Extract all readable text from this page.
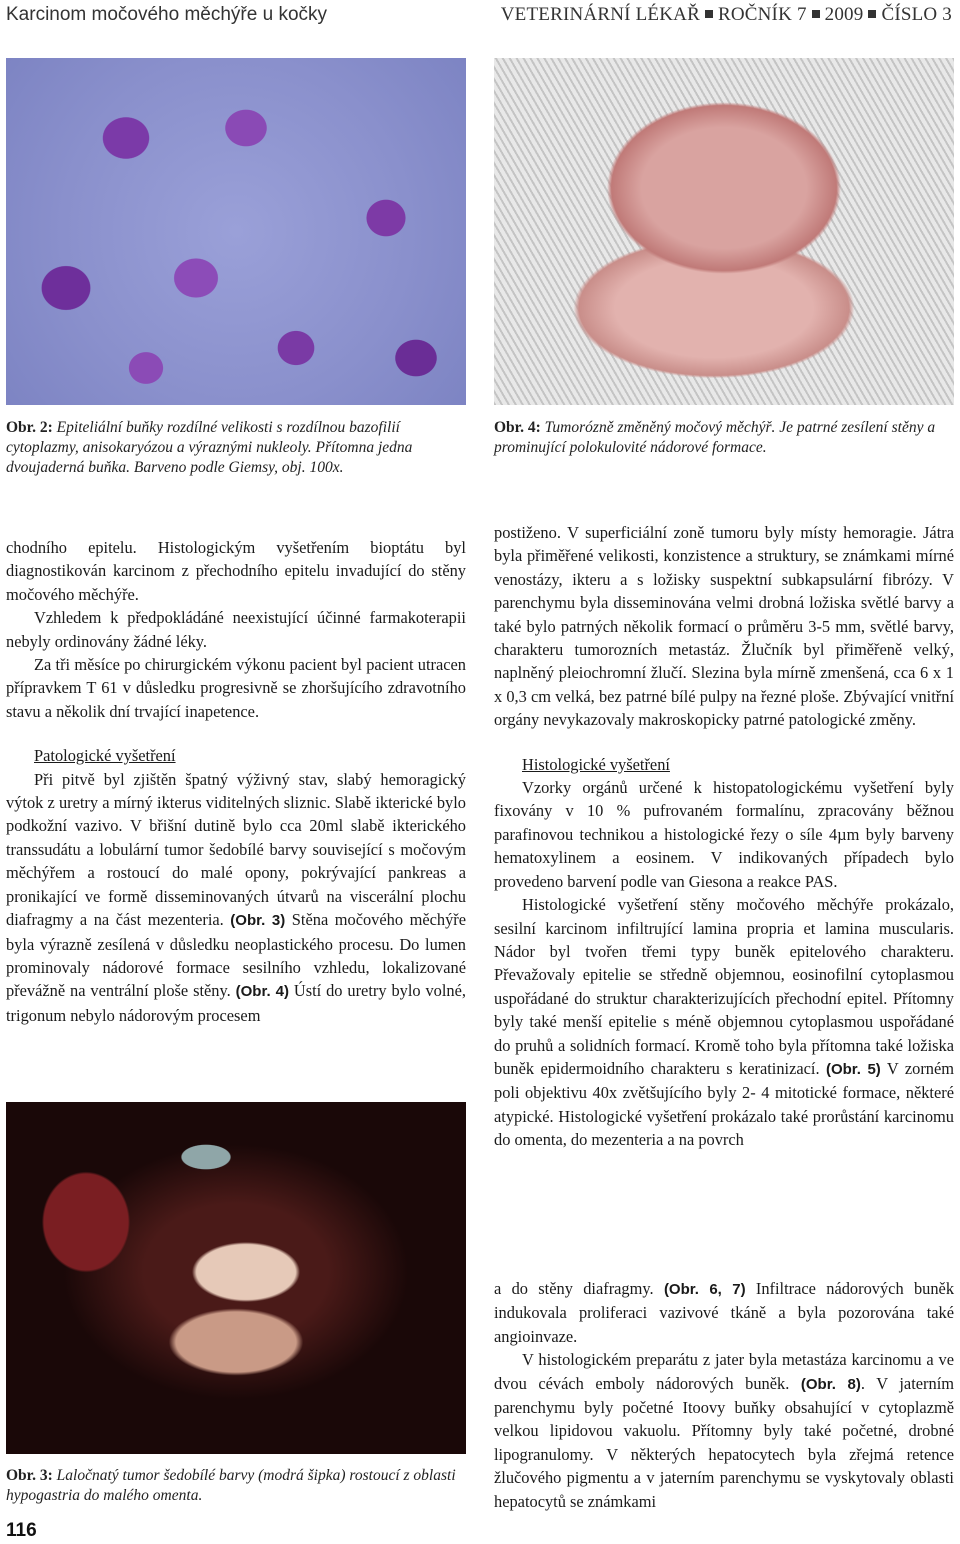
Karcinom močového měchýře u kočky	VETERINÁRNÍ LÉKAŘ ROČNÍK 7 2009 ČÍSLO 3
Obr. 2: Epiteliální buňky rozdílné velikosti s rozdílnou bazofilií cytoplazmy, anisokaryózou a výraznými nukleoly. Přítomna jedna dvoujaderná buňka. Barveno podle Giemsy, obj. 100x.
Obr. 4: Tumorózně změněný močový měchýř. Je patrné zesílení stěny a prominující polokulovité nádorové formace.

chodního epitelu. Histologickým vyšetřením bioptátu byl diagnostikován karcinom z přechodního epitelu invadující do stěny močového měchýře.

Vzhledem k předpokládáné neexistující účinné farmakoterapii nebyly ordinovány žádné léky.

Za tři měsíce po chirurgickém výkonu pacient byl pacient utracen přípravkem T 61 v důsledku progresivně se zhoršujícího zdravotního stavu a několik dní trvající inapetence.

Patologické vyšetření

Při pitvě byl zjištěn špatný výživný stav, slabý hemoragický výtok z uretry a mírný ikterus viditelných sliznic. Slabě ikterické bylo podkožní vazivo. V břišní dutině bylo cca 20ml slabě ikterického transsudátu a lobulární tumor šedobílé barvy související s močovým měchýřem a rostoucí do malé opony, pokrývající pankreas a pronikající ve formě disseminovaných útvarů na viscerální plochu diafragmy a na část mezenteria. (Obr. 3) Stěna močového měchýře byla výrazně zesílená v důsledku neoplastického procesu. Do lumen prominovaly nádorové formace sesilního vzhledu, lokalizované převážně na ventrální ploše stěny. (Obr. 4) Ústí do uretry bylo volné, trigonum nebylo nádorovým procesem

Obr. 3: Laločnatý tumor šedobílé barvy (modrá šipka) rostoucí z oblasti hypogastria do malého omenta.

postiženo. V superficiální zoně tumoru byly místy hemoragie. Játra byla přiměřené velikosti, konzistence a struktury, se známkami mírné venostázy, ikteru a s ložisky suspektní subkapsulární fibrózy. V parenchymu byla disseminována velmi drobná ložiska světlé barvy a také bylo patrných několik formací o průměru 3-5 mm, světlé barvy, charakteru tumorozních metastáz. Žlučník byl přiměřeně velký, naplněný pleiochromní žlučí. Slezina byla mírně zmenšená, cca 6 x 1 x 0,3 cm velká, bez patrné bílé pulpy na řezné ploše. Zbývající vnitřní orgány nevykazovaly makroskopicky patrné patologické změny.

Histologické vyšetření

Vzorky orgánů určené k histopatologickému vyšetření byly fixovány v 10 % pufrovaném formalínu, zpracovány běžnou parafinovou technikou a histologické řezy o síle 4µm byly barveny hematoxylinem a eosinem. V indikovaných případech bylo provedeno barvení podle van Giesona a reakce PAS.

Histologické vyšetření stěny močového měchýře prokázalo, sesilní karcinom infiltrující lamina propria et lamina muscularis. Nádor byl tvořen třemi typy buněk epitelového charakteru. Převažovaly epitelie se středně objemnou, eosinofilní cytoplasmou uspořádané do struktur charakterizujících přechodní epitel. Přítomny byly také menší epitelie s méně objemnou cytoplasmou uspořádané do pruhů a solidních formací. Kromě toho byla přítomna také ložiska buněk epidermoidního charakteru s keratinizací. (Obr. 5) V zorném poli objektivu 40x zvětšujícího byly 2- 4 mitotické formace, některé atypické. Histologické vyšetření prokázalo také prorůstání karcinomu do omenta, do mezenteria a na povrch

a do stěny diafragmy. (Obr. 6, 7) Infiltrace nádorových buněk indukovala proliferaci vazivové tkáně a byla pozorována také angioinvaze.

V histologickém preparátu z jater byla metastáza karcinomu a ve dvou cévách emboly nádorových buněk. (Obr. 8). V jaterním parenchymu byly početné Itoovy buňky obsahující v cytoplazmě velkou lipidovou vakuolu. Přítomny byly také početné, drobné lipogranulomy. V některých hepatocytech byla zřejmá retence žlučového pigmentu a v jaterním parenchymu se vyskytovaly oblasti hepatocytů se známkami

116
